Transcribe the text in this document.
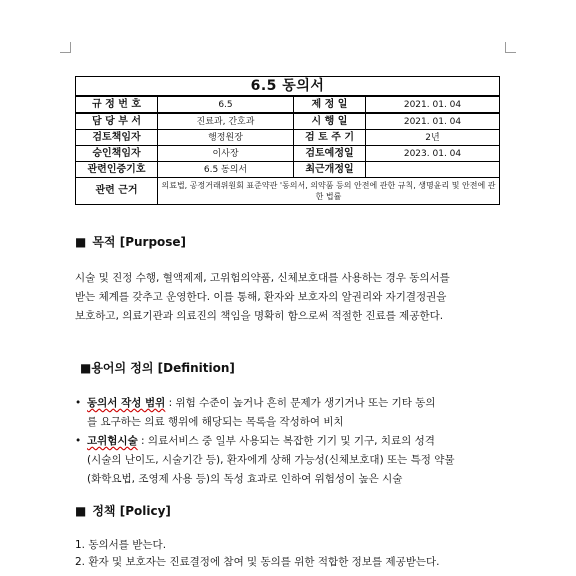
6.5 동의서			
규 정 번 호	6.5	제 정 일	2021. 01. 04
담 당 부 서	진료과, 간호과	시 행 일	2021. 01. 04
검토책임자	행정원장	검 토 주 기	2년
승인책임자	이사장	검토예정일	2023. 01. 04
관련인증기호	6.5 동의서	최근개정일	
관련 근거	의료법, 공정거래위원회 표준약관 '동의서, 의약품 등의 안전에 관한 규칙, 생명윤리 및 안전에 관한 법률		
■ 목적 [Purpose]

시술 및 진정 수행, 혈액제제, 고위험의약품, 신체보호대를 사용하는 경우 동의서를

받는 체계를 갖추고 운영한다. 이를 통해, 환자와 보호자의 알권리와 자기결정권을

보호하고, 의료기관과 의료진의 책임을 명확히 함으로써 적절한 진료를 제공한다.

■용어의 정의 [Definition]
• 동의서 작성 범위 : 위험 수준이 높거나 흔히 문제가 생기거나 또는 기타 동의
를 요구하는 의료 행위에 해당되는 목록을 작성하여 비치
• 고위험시술 : 의료서비스 중 일부 사용되는 복잡한 기기 및 기구, 치료의 성격
(시술의 난이도, 시술기간 등), 환자에게 상해 가능성(신체보호대) 또는 특정 약물
(화학요법, 조영제 사용 등)의 독성 효과로 인하여 위험성이 높은 시술
■ 정책 [Policy]
1. 동의서를 받는다.
2. 환자 및 보호자는 진료결정에 참여 및 동의를 위한 적합한 정보를 제공받는다.
